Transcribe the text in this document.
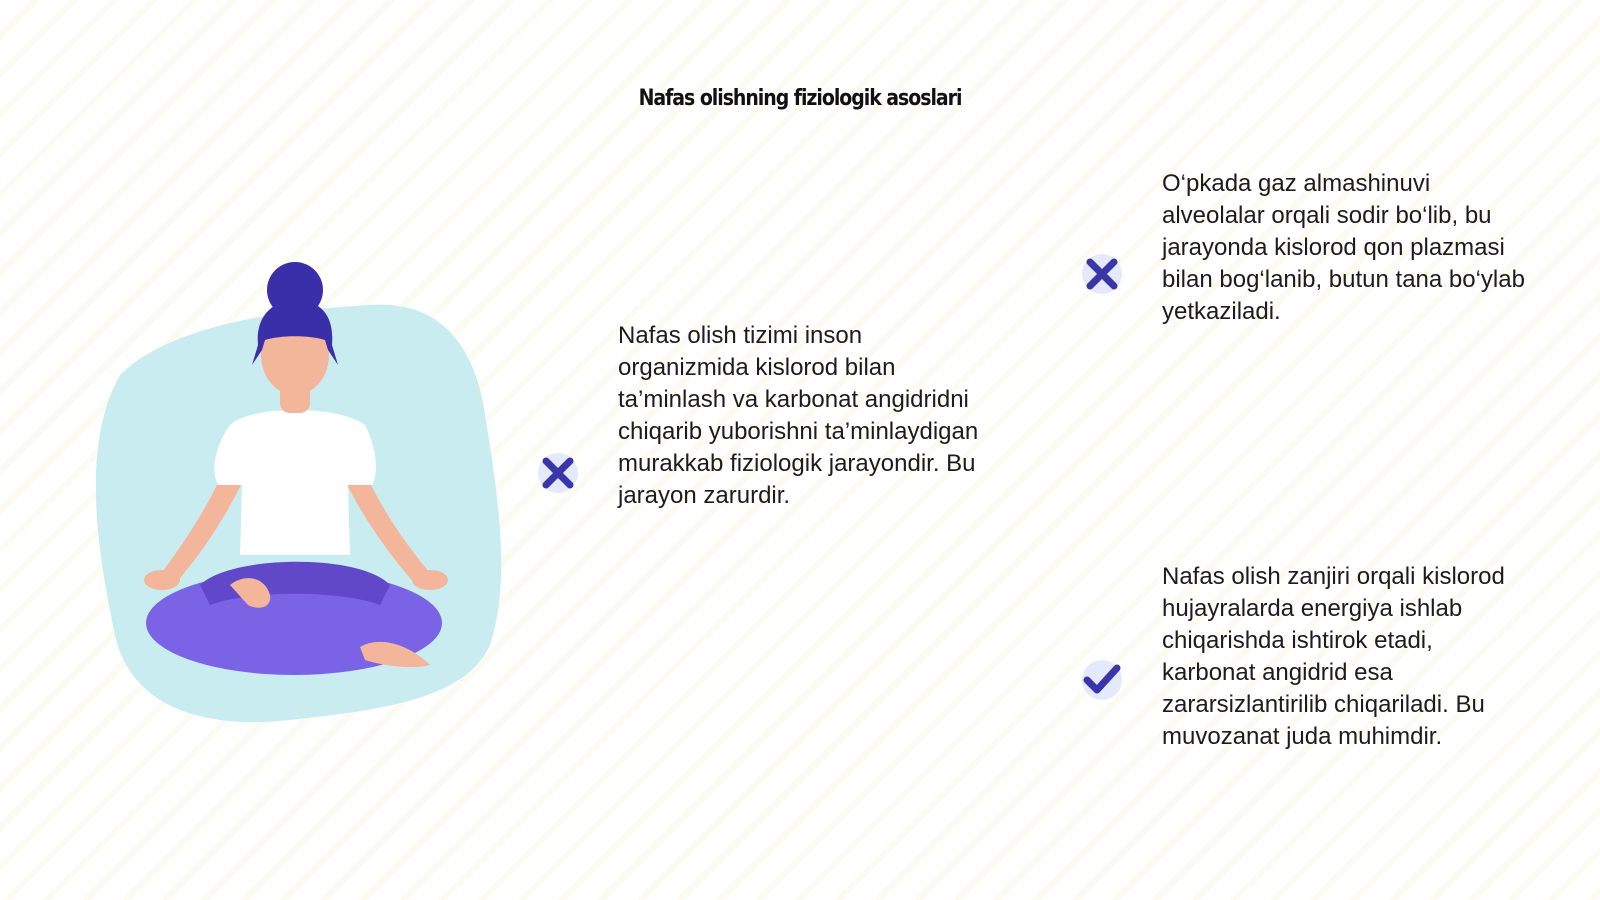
Nafas olishning fiziologik asoslari
Nafas olish tizimi inson
organizmida kislorod bilan
ta’minlash va karbonat angidridni
chiqarib yuborishni ta’minlaydigan
murakkab fiziologik jarayondir. Bu
jarayon zarurdir.
O‘pkada gaz almashinuvi
alveolalar orqali sodir bo‘lib, bu
jarayonda kislorod qon plazmasi
bilan bog‘lanib, butun tana bo‘ylab
yetkaziladi.
Nafas olish zanjiri orqali kislorod
hujayralarda energiya ishlab
chiqarishda ishtirok etadi,
karbonat angidrid esa
zararsizlantirilib chiqariladi. Bu
muvozanat juda muhimdir.
